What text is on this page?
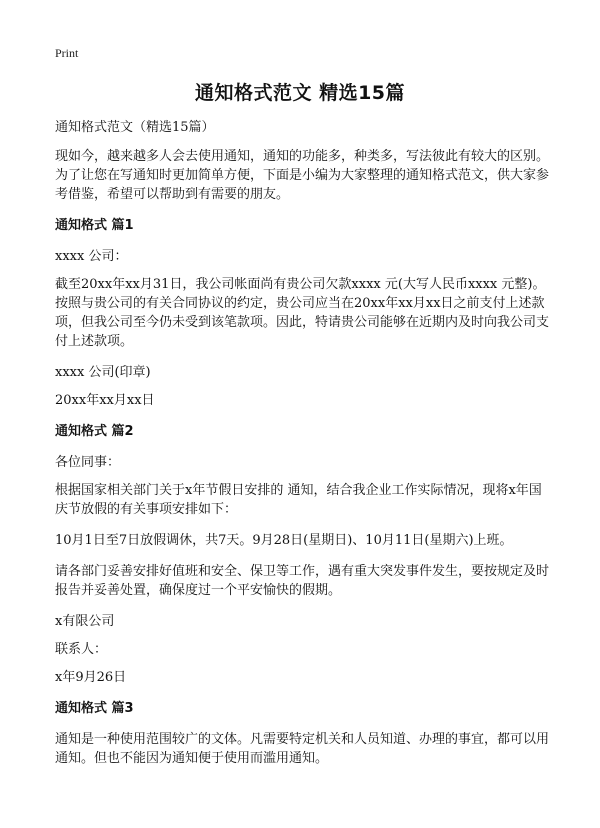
Print
通知格式范文 精选15篇
通知格式范文（精选15篇）
现如今，越来越多人会去使用通知，通知的功能多，种类多，写法彼此有较大的区别。为了让您在写通知时更加简单方便，下面是小编为大家整理的通知格式范文，供大家参考借鉴，希望可以帮助到有需要的朋友。
通知格式 篇1
xxxx 公司：
截至20xx年xx月31日，我公司帐面尚有贵公司欠款xxxx 元(大写人民币xxxx 元整)。按照与贵公司的有关合同协议的约定，贵公司应当在20xx年xx月xx日之前支付上述款项，但我公司至今仍未受到该笔款项。因此，特请贵公司能够在近期内及时向我公司支付上述款项。
xxxx 公司(印章)
20xx年xx月xx日
通知格式 篇2
各位同事：
根据国家相关部门关于x年节假日安排的 通知，结合我企业工作实际情况，现将x年国庆节放假的有关事项安排如下：
10月1日至7日放假调休，共7天。9月28日(星期日)、10月11日(星期六)上班。
请各部门妥善安排好值班和安全、保卫等工作，遇有重大突发事件发生，要按规定及时报告并妥善处置，确保度过一个平安愉快的假期。
x有限公司
联系人：
x年9月26日
通知格式 篇3
通知是一种使用范围较广的文体。凡需要特定机关和人员知道、办理的事宜，都可以用通知。但也不能因为通知便于使用而滥用通知。
